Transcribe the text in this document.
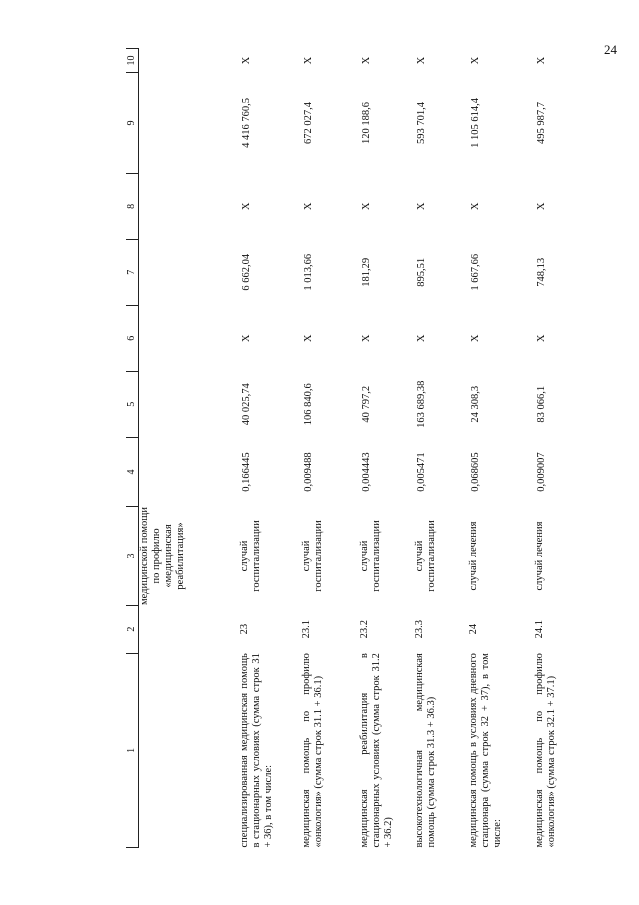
24
1	2	3	4	5	6	7	8	9	10
		медицинской помощи по профилю «медицинская реабилитация»							
специализированная медицинская помощь в стационарных условиях (сумма строк 31 + 36), в том числе:	23	случай госпитализации	0,166445	40 025,74	X	6 662,04	X	4 416 760,5	X
медицинская помощь по профилю «онкология» (сумма строк 31.1 + 36.1)	23.1	случай госпитализации	0,009488	106 840,6	X	1 013,66	X	672 027,4	X
медицинская реабилитация в стационарных условиях (сумма строк 31.2 + 36.2)	23.2	случай госпитализации	0,004443	40 797,2	X	181,29	X	120 188,6	X
высокотехнологичная медицинская помощь (сумма строк 31.3 + 36.3)	23.3	случай госпитализации	0,005471	163 689,38	X	895,51	X	593 701,4	X
медицинская помощь в условиях дневного стационара (сумма строк 32 + 37), в том числе:	24	случай лечения	0,068605	24 308,3	X	1 667,66	X	1 105 614,4	X
медицинская помощь по профилю «онкология» (сумма строк 32.1 + 37.1)	24.1	случай лечения	0,009007	83 066,1	X	748,13	X	495 987,7	X
